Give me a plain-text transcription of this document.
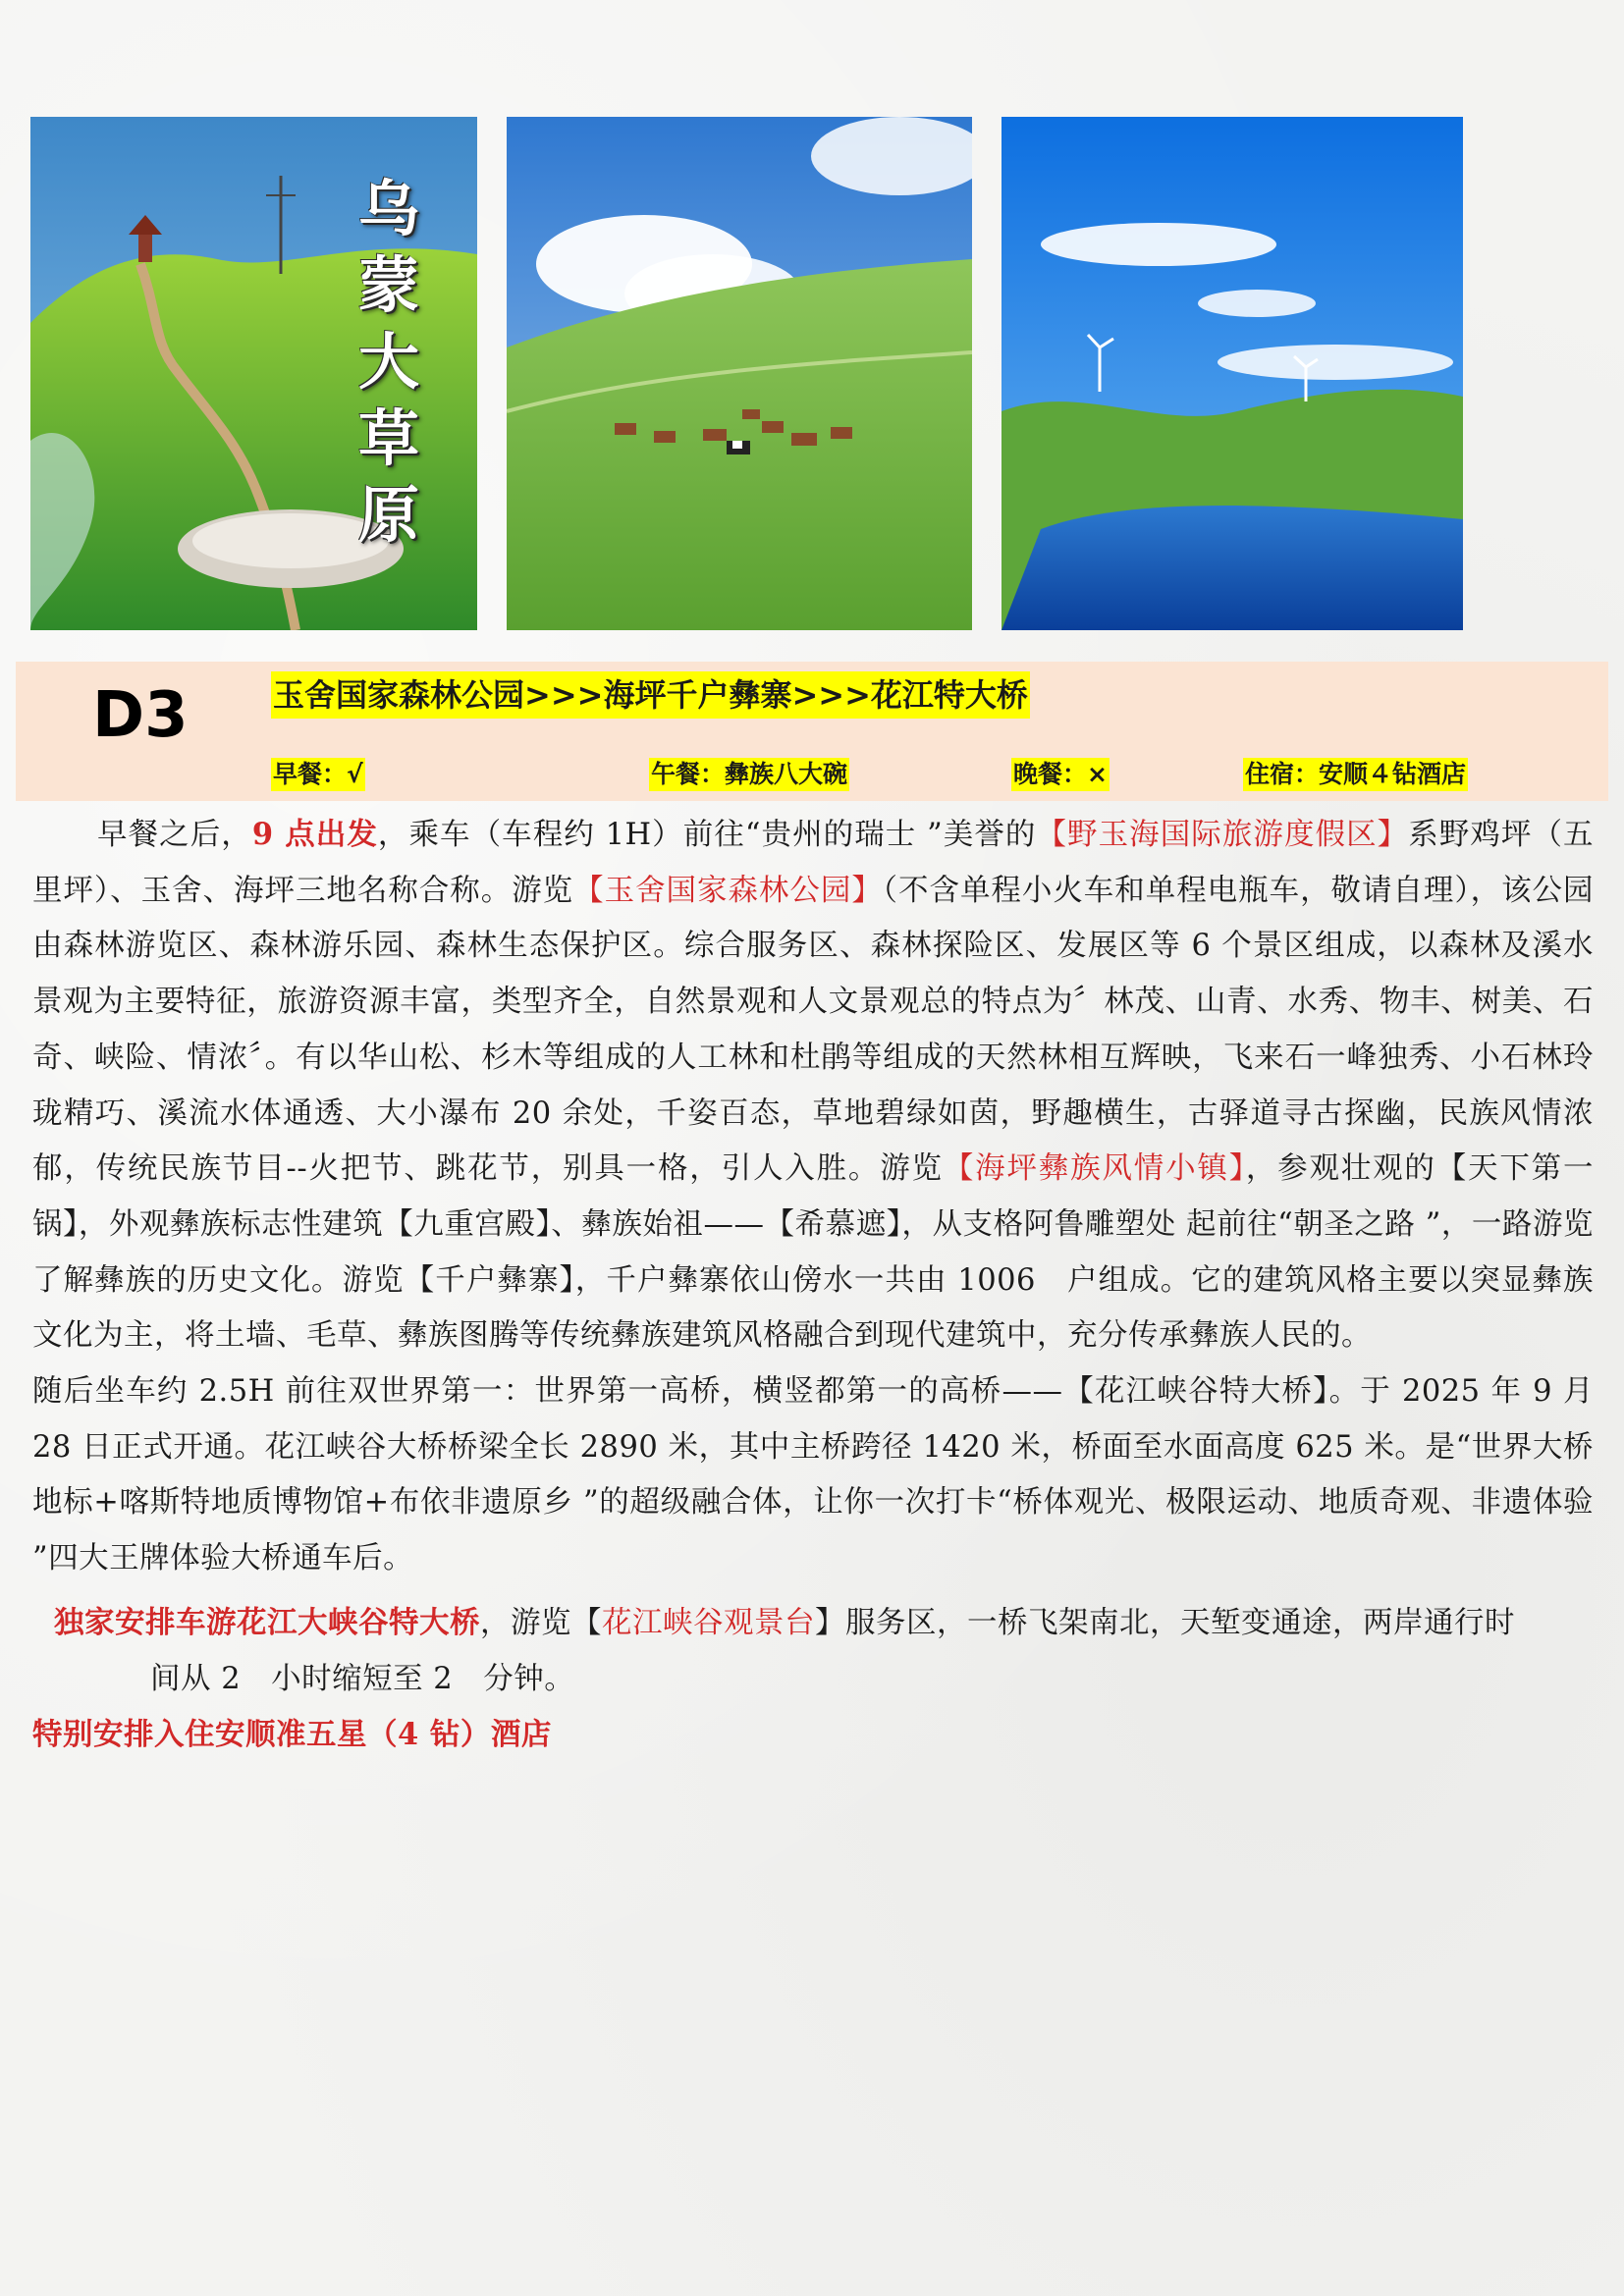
乌蒙大草原
D3	玉舍国家森林公园>>>海坪千户彝寨>>>花江特大桥
早餐：√	午餐：彝族八大碗	晚餐：×	住宿：安顺４钻酒店

早餐之后，9 点出发，乘车（车程约 1H）前往“贵州的瑞士 ”美誉的【野玉海国际旅游度假区】系野鸡坪（五里坪）、玉舍、海坪三地名称合称。游览【玉舍国家森林公园】（不含单程小火车和单程电瓶车，敬请自理），该公园由森林游览区、森林游乐园、森林生态保护区。综合服务区、森林探险区、发展区等 6 个景区组成，以森林及溪水景观为主要特征，旅游资源丰富，类型齐全，自然景观和人文景观总的特点为〞林茂、山青、水秀、物丰、树美、石奇、峡险、情浓〞。有以华山松、杉木等组成的人工林和杜鹃等组成的天然林相互辉映，飞来石一峰独秀、小石林玲珑精巧、溪流水体通透、大小瀑布 20 余处，千姿百态，草地碧绿如茵，野趣横生，古驿道寻古探幽，民族风情浓郁，传统民族节目--火把节、跳花节，别具一格，引人入胜。游览【海坪彝族风情小镇】，参观壮观的【天下第一锅】，外观彝族标志性建筑【九重宫殿】、彝族始祖——【希慕遮】，从支格阿鲁雕塑处 起前往“朝圣之路 ”，一路游览了解彝族的历史文化。游览【千户彝寨】，千户彝寨依山傍水一共由 1006　户组成。它的建筑风格主要以突显彝族文化为主，将土墙、毛草、彝族图腾等传统彝族建筑风格融合到现代建筑中，充分传承彝族人民的。

随后坐车约 2.5H 前往双世界第一：世界第一高桥，横竖都第一的高桥——【花江峡谷特大桥】。于 2025 年 9 月 28 日正式开通。花江峡谷大桥桥梁全长 2890 米，其中主桥跨径 1420 米，桥面至水面高度 625 米。是“世界大桥地标+喀斯特地质博物馆+布依非遗原乡 ”的超级融合体，让你一次打卡“桥体观光、极限运动、地质奇观、非遗体验 ”四大王牌体验大桥通车后。

独家安排车游花江大峡谷特大桥，游览【花江峡谷观景台】服务区，一桥飞架南北，天堑变通途，两岸通行时
间从 2　小时缩短至 2　分钟。

特别安排入住安顺准五星（4 钻）酒店
